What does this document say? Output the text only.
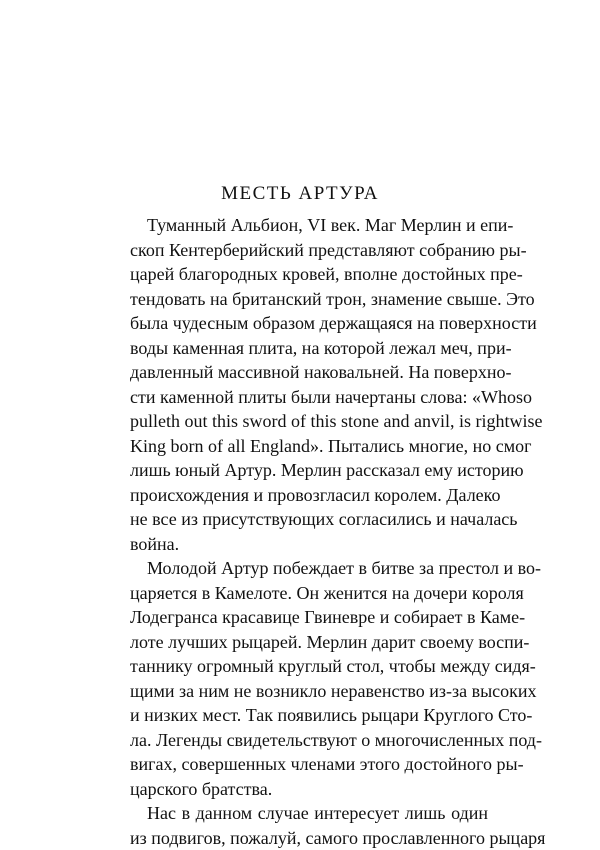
МЕСТЬ АРТУРА
Туманный Альбион, VI век. Маг Мерлин и епи-
скоп Кентерберийский представляют собранию ры-
царей благородных кровей, вполне достойных пре-
тендовать на британский трон, знамение свыше. Это
была чудесным образом держащаяся на поверхности
воды каменная плита, на которой лежал меч, при-
давленный массивной наковальней. На поверхно-
сти каменной плиты были начертаны слова: «Whoso
pulleth out this sword of this stone and anvil, is rightwise
King born of all England». Пытались многие, но смог
лишь юный Артур. Мерлин рассказал ему историю
происхождения и провозгласил королем. Далеко
не все из присутствующих согласились и началась
война.
Молодой Артур побеждает в битве за престол и во-
царяется в Камелоте. Он женится на дочери короля
Лодегранса красавице Гвиневре и собирает в Каме-
лоте лучших рыцарей. Мерлин дарит своему воспи-
таннику огромный круглый стол, чтобы между сидя-
щими за ним не возникло неравенство из-за высоких
и низких мест. Так появились рыцари Круглого Сто-
ла. Легенды свидетельствуют о многочисленных под-
вигах, совершенных членами этого достойного ры-
царского братства.
Нас в данном случае интересует лишь один
из подвигов, пожалуй, самого прославленного рыцаря
